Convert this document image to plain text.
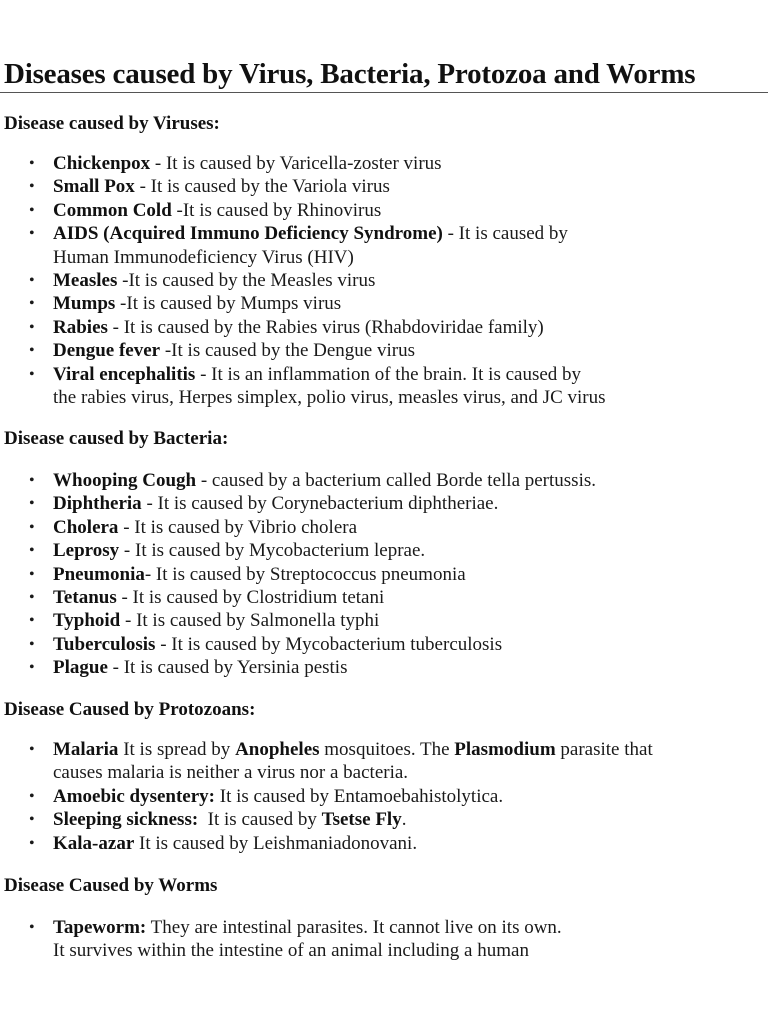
Diseases caused by Virus, Bacteria, Protozoa and Worms
Disease caused by Viruses:
• Chickenpox - It is caused by Varicella-zoster virus
• Small Pox - It is caused by the Variola virus
• Common Cold -It is caused by Rhinovirus
• AIDS (Acquired Immuno Deficiency Syndrome) - It is caused by
Human Immunodeficiency Virus (HIV)
• Measles -It is caused by the Measles virus
• Mumps -It is caused by Mumps virus
• Rabies - It is caused by the Rabies virus (Rhabdoviridae family)
• Dengue fever -It is caused by the Dengue virus
• Viral encephalitis - It is an inflammation of the brain. It is caused by
the rabies virus, Herpes simplex, polio virus, measles virus, and JC virus
Disease caused by Bacteria:
• Whooping Cough - caused by a bacterium called Borde tella pertussis.
• Diphtheria - It is caused by Corynebacterium diphtheriae.
• Cholera - It is caused by Vibrio cholera
• Leprosy - It is caused by Mycobacterium leprae.
• Pneumonia- It is caused by Streptococcus pneumonia
• Tetanus - It is caused by Clostridium tetani
• Typhoid - It is caused by Salmonella typhi
• Tuberculosis - It is caused by Mycobacterium tuberculosis
• Plague - It is caused by Yersinia pestis
Disease Caused by Protozoans:
• Malaria It is spread by Anopheles mosquitoes. The Plasmodium parasite that
causes malaria is neither a virus nor a bacteria.
• Amoebic dysentery: It is caused by Entamoebahistolytica.
• Sleeping sickness:  It is caused by Tsetse Fly.
• Kala-azar It is caused by Leishmaniadonovani.
Disease Caused by Worms
• Tapeworm: They are intestinal parasites. It cannot live on its own.
It survives within the intestine of an animal including a human
